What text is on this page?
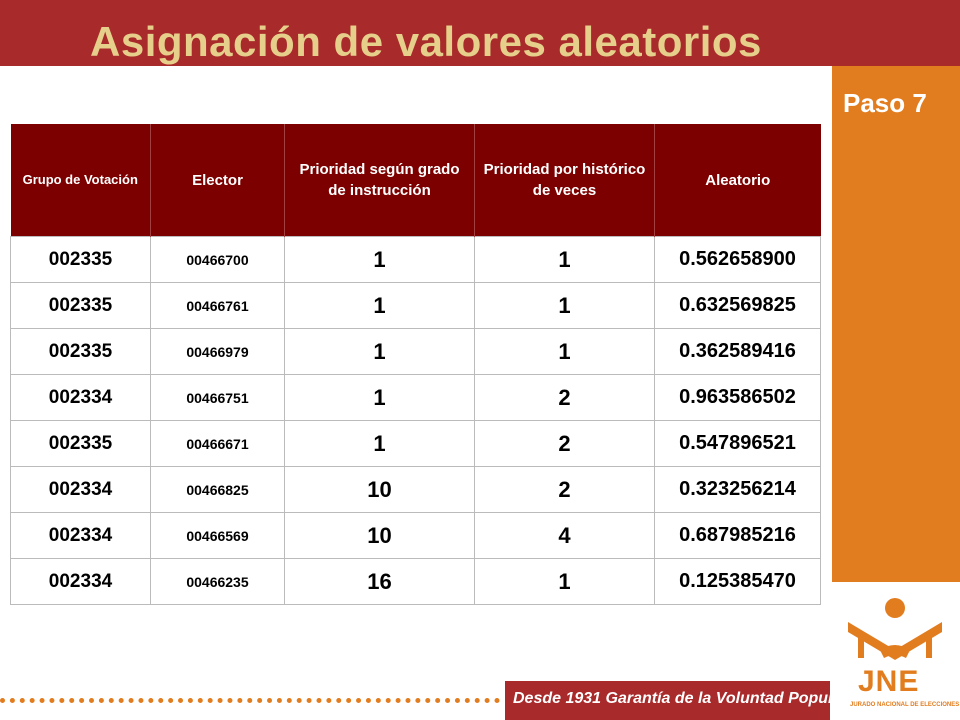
Asignación de valores aleatorios
Paso 7
Grupo de Votación	Elector	Prioridad según grado de instrucción	Prioridad por histórico de veces	Aleatorio
002335	00466700	1	1	0.562658900
002335	00466761	1	1	0.632569825
002335	00466979	1	1	0.362589416
002334	00466751	1	2	0.963586502
002335	00466671	1	2	0.547896521
002334	00466825	10	2	0.323256214
002334	00466569	10	4	0.687985216
002334	00466235	16	1	0.125385470
Desde 1931 Garantía de la Voluntad Popular
JNE
JURADO NACIONAL DE ELECCIONES
